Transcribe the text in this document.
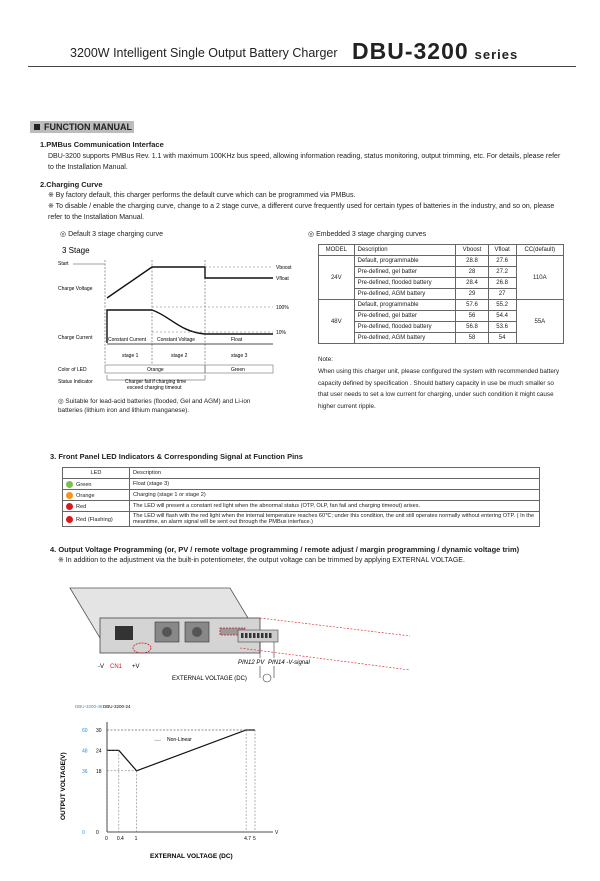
3200W Intelligent Single Output Battery Charger DBU-3200 series
FUNCTION MANUAL
1.PMBus Communication Interface
DBU-3200 supports PMBus Rev. 1.1 with maximum 100KHz bus speed, allowing information reading, status monitoring, output trimming, etc. For details, please refer to the Installation Manual.
2.Charging Curve
※ By factory default, this charger performs the default curve which can be programmed via PMBus.
※ To disable / enable the charging curve, change to a 2 stage curve, a different curve frequently used for certain types of batteries in the industry, and so on, please refer to the Installation Manual.
◎ Default 3 stage charging curve	◎ Embedded 3 stage charging curves
3 Stage
Start
Charge Voltage
Charge Current
Vboost
Vfloat
100%
10%
Constant Current Constant Voltage	Float
stage 1	stage 2	stage 3
Color of LED	Orange	Green
Status Indicator	Charger fail if charging time
exceed charging timeout
◎ Suitable for lead-acid batteries (flooded, Gel and AGM) and Li-ion batteries (lithium iron and lithium manganese).
MODEL	Description	Vboost	Vfloat	CC(default)
24V	Default, programmable	28.8	27.6	110A
	Pre-defined, gel batter	28	27.2	
	Pre-defined, flooded battery	28.4	26.8	
	Pre-defined, AGM battery	29	27	
48V	Default, programmable	57.6	55.2	55A
	Pre-defined, gel batter	56	54.4	
	Pre-defined, flooded battery	56.8	53.6	
	Pre-defined, AGM battery	58	54	
Note:
When using this charger unit, please configured the system with recommended battery capacity defined by specification . Should battery capacity in use be much smaller so that user needs to set a low current for charging, under such condition it might cause higher current ripple.
3. Front Panel LED Indicators & Corresponding Signal at Function Pins
LED	Description
Green	Float (stage 3)
Orange	Charging (stage 1 or stage 2)
Red	The LED will present a constant red light when the abnormal status (OTP, OLP, fan fail and charging timeout) arises.
Red (Flashing)	The LED will flash with the red light when the internal temperature reaches 60℃; under this condition, the unit still operates normally without entering OTP. ( In the meantime, an alarm signal will be sent out through the PMBus interface.)
4. Output Voltage Programming (or, PV / remote voltage programming / remote adjust / margin programming / dynamic voltage trim)
※ In addition to the adjustment via the built-in potentiometer, the output voltage can be trimmed by applying EXTERNAL VOLTAGE.
-V CN1 +V
PIN12 PV PIN14 -V-signal
EXTERNAL VOLTAGE (DC)
DBU-3200-48 DBU-3200-24
V
0 0.4 1	4.7 5
30
60
24
48
18
36
0
0
Non-Linear
EXTERNAL VOLTAGE (DC)
OUTPUT VOLTAGE(V)
